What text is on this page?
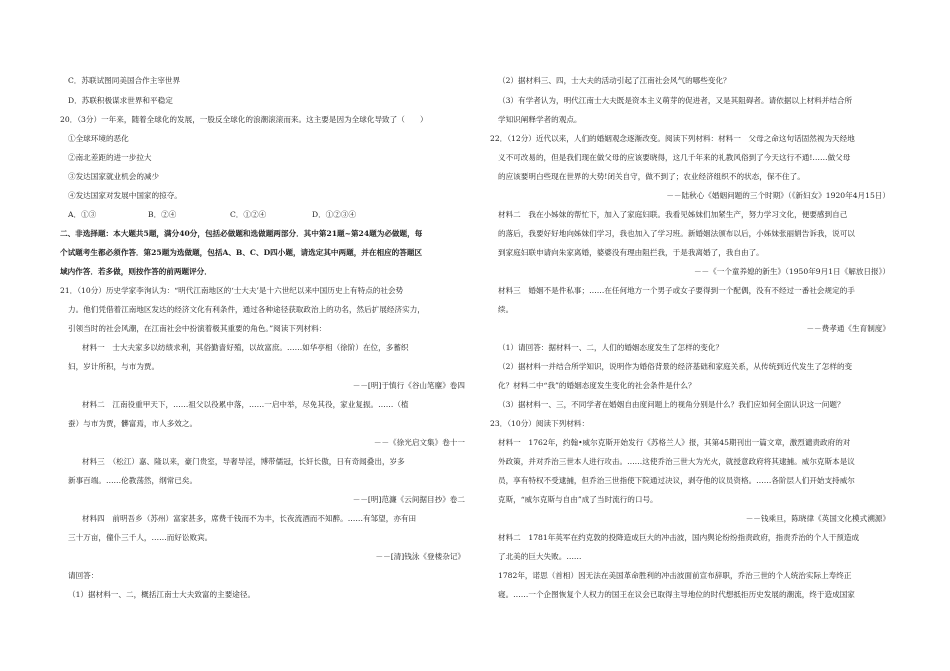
C．苏联试图同美国合作主宰世界
D．苏联积极谋求世界和平稳定
20．（3分）一年来，随着全球化的发展，一股反全球化的浪潮滚滚而来。这主要是因为全球化导致了（　　）
①全球环境的恶化
②南北差距的进一步拉大
③发达国家就业机会的减少
④发达国家对发展中国家的掠夺。
A．①③	B．②④	C．①②④	D．①②③④
二、非选择题：本大题共5题，满分40分，包括必做题和选做题两部分．其中第21题~第24题为必做题，每
个试题考生都必须作答．第25题为选做题，包括A、B、C、D四小题，请选定其中两题，并在相应的答题区
域内作答．若多做，则按作答的前两题评分．
21．（10分）历史学家李洵认为：“明代江南地区的‘士大夫’是十六世纪以来中国历史上有特点的社会势
力。他们凭借着江南地区发达的经济文化有利条件，通过各种途径获取政治上的功名，然后扩展经济实力，
引领当时的社会风潮，在江南社会中扮演着极其重要的角色。”阅读下列材料：
材料一　士大夫家多以纺绩求利，其俗勤啬好殖，以故富庶。……如华亭相（徐阶）在位，多蓄织
妇，岁计所积，与市为贾。
－－[明]于慎行《谷山笔麈》卷四
材料二　江南役重甲天下，……祖父以役累中落，……一启中举，尽免其役，家业复振。……（植
蚕）与市为贾，髒富焉，市人多效之。
－－《徐光启文集》卷十一
材料三　（松江）嘉、隆以来，豪门贵室，导奢导淫，博带儒冠，长奸长傲，日有奇闻叠出，岁多
新事百端。……伦教荡然，纲常已矣。
－－[明]范濂《云间据目抄》卷二
材料四　前明吾乡（苏州）富家甚多，席费千钱而不为丰，长夜流酒而不知醉。……有邹望，亦有田
三十万亩，僮仆三千人，……而好讼败宾。
－－[清]钱泳《登楼杂记》
请回答：
（1）据材料一、二，概括江南士大夫致富的主要途径。
（2）据材料三、四，士大夫的活动引起了江南社会风气的哪些变化？
（3）有学者认为，明代江南士大夫既是资本主义萌芽的促进者，又是其阻碍者。请依据以上材料并结合所
学知识阐释学者的观点。
22．（12分）近代以来，人们的婚姻观念逐渐改变。阅读下列材料：材料一　父母之命这句话固然视为天经地
义不可改易的，但是我们现在做父母的应该要晓得，这几千年来的礼教风俗到了今天这行不通!……做父母
的应该要明白些现在世界的大势!闭关自守，做不到了；农业经济组织不的状态，保不住了。
－－陆秋心《婚姻问题的三个时期》（《新妇女》1920年4月15日）
材料二　我在小姊妹的帮忙下，加入了家庭妇联。我看见姊妹们加紧生产，努力学习文化，便要感到自己
的落后，我要好好地向姊妹们学习，我也加入了学习班。新婚姻法颁布以后，小姊妹张丽娟告诉我，说可以
到家庭妇联申请向朱家离婚，婆婆没有理由阻拦我，于是我离婚了，我自由了。
－－《一个童养媳的新生》（1950年9月1日《解放日报》）
材料三　婚姻不是件私事；……在任何地方一个男子或女子要得到一个配偶，没有不经过一番社会规定的手
续。
－－费孝通《生育制度》
（1）请回答：据材料一、二，人们的婚姻态度发生了怎样的变化？
（2）据材料一并结合所学知识，说明作为婚俗背景的经济基础和家庭关系，从传统到近代发生了怎样的变
化？材料二中“我”的婚姻态度发生变化的社会条件是什么？
（3）据材料一、三，不同学者在婚姻自由度问题上的视角分别是什么？我们应如何全面认识这一问题？
23．（10分）阅读下列材料：
材料一　1762年，约翰•威尔克斯开始发行《苏格兰人》报，其第45期刊出一篇文章，激烈谴责政府的对
外政策，并对乔治三世本人进行攻击。……这使乔治三世大为光火，就授意政府将其逮捕。威尔克斯本是议
员，享有特权不受逮捕，但乔治三世指使下院通过决议，剥夺他的议员资格。……各阶层人们开始支持威尔
克斯，“威尔克斯与自由”成了当时流行的口号。
－－钱乘旦，陈晓律《英国文化模式溯源》
材料二　1781年英军在约克敦的投降造成巨大的冲击波，国内舆论纷纷指责政府，指责乔治的个人干预造成
了北美的巨大失败。……
1782年，诺思（首相）因无法在美国革命胜利的冲击波面前宣布辞职，乔治三世的个人统治实际上寿终正
寝。……一个企图恢复个人权力的国王在议会已取得主导地位的时代想抵拒历史发展的潮流，终于造成国家
